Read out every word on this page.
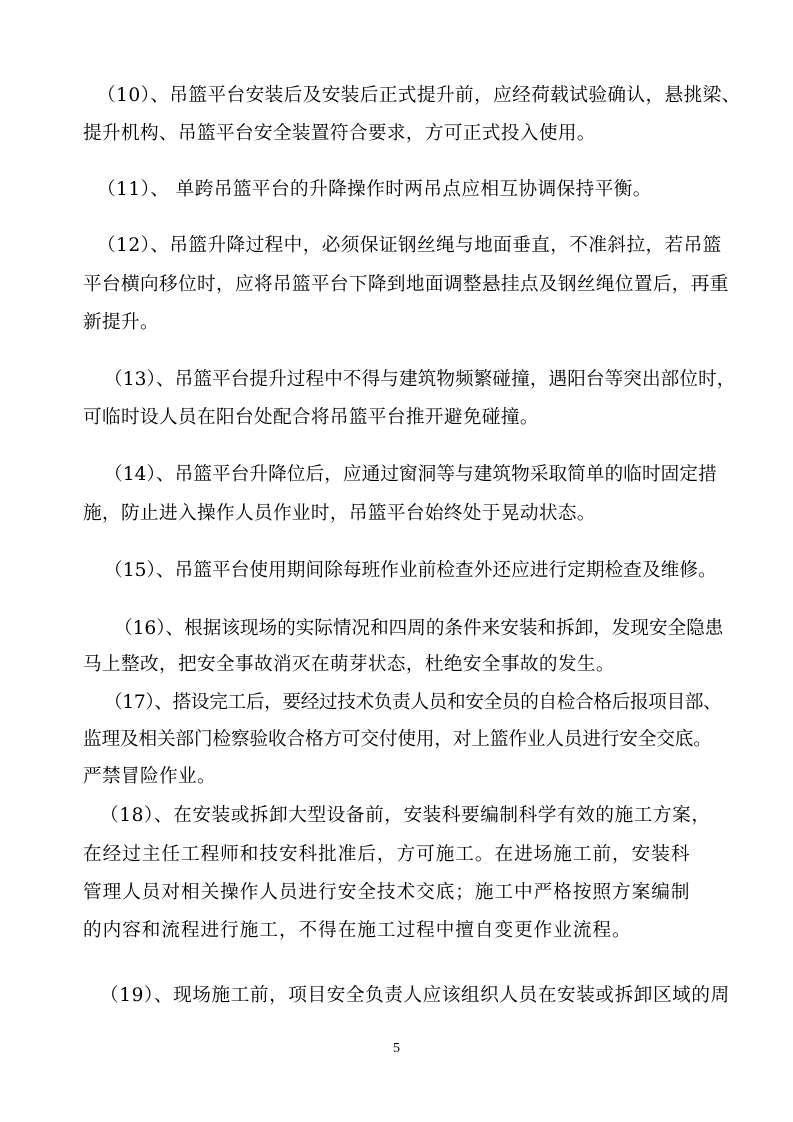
（10）、吊篮平台安装后及安装后正式提升前，应经荷载试验确认，悬挑梁、
提升机构、吊篮平台安全装置符合要求，方可正式投入使用。
（11）、 单跨吊篮平台的升降操作时两吊点应相互协调保持平衡。
（12）、吊篮升降过程中，必须保证钢丝绳与地面垂直，不准斜拉，若吊篮
平台横向移位时，应将吊篮平台下降到地面调整悬挂点及钢丝绳位置后，再重
新提升。
（13）、吊篮平台提升过程中不得与建筑物频繁碰撞，遇阳台等突出部位时，
可临时设人员在阳台处配合将吊篮平台推开避免碰撞。
（14）、吊篮平台升降位后，应通过窗洞等与建筑物采取简单的临时固定措
施，防止进入操作人员作业时，吊篮平台始终处于晃动状态。
（15）、吊篮平台使用期间除每班作业前检查外还应进行定期检查及维修。
（16）、根据该现场的实际情况和四周的条件来安装和拆卸，发现安全隐患
马上整改，把安全事故消灭在萌芽状态，杜绝安全事故的发生。
（17）、搭设完工后，要经过技术负责人员和安全员的自检合格后报项目部、
监理及相关部门检察验收合格方可交付使用，对上篮作业人员进行安全交底。
严禁冒险作业。
（18）、在安装或拆卸大型设备前，安装科要编制科学有效的施工方案，
在经过主任工程师和技安科批准后，方可施工。在进场施工前，安装科
管理人员对相关操作人员进行安全技术交底；施工中严格按照方案编制
的内容和流程进行施工，不得在施工过程中擅自变更作业流程。
（19）、现场施工前，项目安全负责人应该组织人员在安装或拆卸区域的周
5
